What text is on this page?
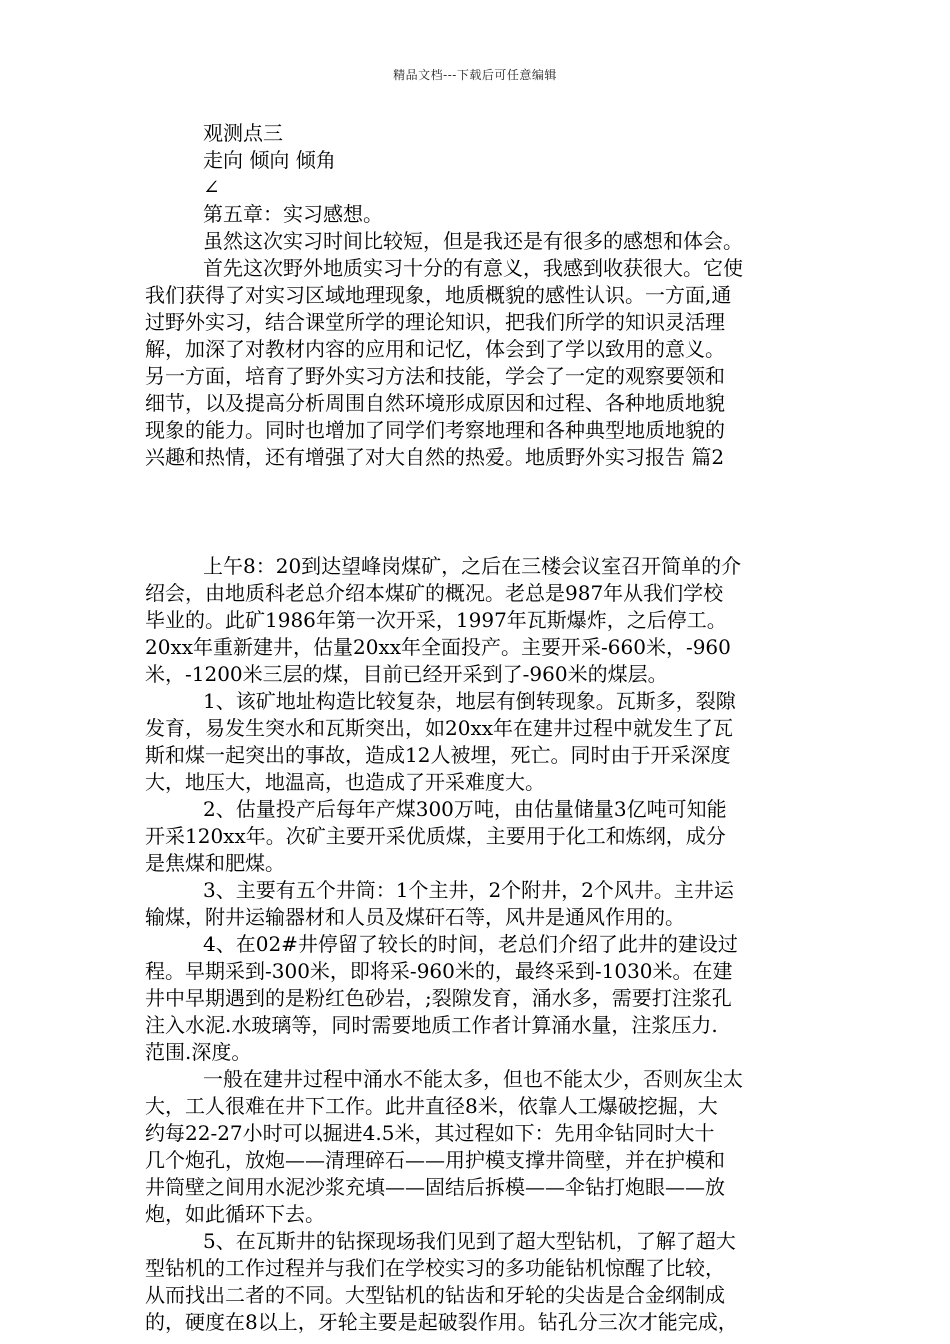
精品文档---下载后可任意编辑
观测点三
走向 倾向 倾角
∠
第五章：实习感想。
虽然这次实习时间比较短，但是我还是有很多的感想和体会。
首先这次野外地质实习十分的有意义，我感到收获很大。它使
我们获得了对实习区域地理现象，地质概貌的感性认识。一方面,通
过野外实习，结合课堂所学的理论知识，把我们所学的知识灵活理
解，加深了对教材内容的应用和记忆，体会到了学以致用的意义。
另一方面，培育了野外实习方法和技能，学会了一定的观察要领和
细节，以及提高分析周围自然环境形成原因和过程、各种地质地貌
现象的能力。同时也增加了同学们考察地理和各种典型地质地貌的
兴趣和热情，还有增强了对大自然的热爱。地质野外实习报告 篇2
上午8：20到达望峰岗煤矿，之后在三楼会议室召开简单的介
绍会，由地质科老总介绍本煤矿的概况。老总是987年从我们学校
毕业的。此矿1986年第一次开采，1997年瓦斯爆炸，之后停工。
20xx年重新建井，估量20xx年全面投产。主要开采-660米，-960
米，-1200米三层的煤，目前已经开采到了-960米的煤层。
1、该矿地址构造比较复杂，地层有倒转现象。瓦斯多，裂隙
发育，易发生突水和瓦斯突出，如20xx年在建井过程中就发生了瓦
斯和煤一起突出的事故，造成12人被埋，死亡。同时由于开采深度
大，地压大，地温高，也造成了开采难度大。
2、估量投产后每年产煤300万吨，由估量储量3亿吨可知能
开采120xx年。次矿主要开采优质煤，主要用于化工和炼纲，成分
是焦煤和肥煤。
3、主要有五个井筒：1个主井，2个附井，2个风井。主井运
输煤，附井运输器材和人员及煤矸石等，风井是通风作用的。
4、在02#井停留了较长的时间，老总们介绍了此井的建设过
程。早期采到-300米，即将采-960米的，最终采到-1030米。在建
井中早期遇到的是粉红色砂岩，;裂隙发育，涌水多，需要打注浆孔
注入水泥.水玻璃等，同时需要地质工作者计算涌水量，注浆压力.
范围.深度。
一般在建井过程中涌水不能太多，但也不能太少，否则灰尘太
大，工人很难在井下工作。此井直径8米，依靠人工爆破挖掘，大
约每22-27小时可以掘进4.5米，其过程如下：先用伞钻同时大十
几个炮孔，放炮——清理碎石——用护模支撑井筒壁，并在护模和
井筒壁之间用水泥沙浆充填——固结后拆模——伞钻打炮眼——放
炮，如此循环下去。
5、在瓦斯井的钻探现场我们见到了超大型钻机，了解了超大
型钻机的工作过程并与我们在学校实习的多功能钻机惊醒了比较，
从而找出二者的不同。大型钻机的钻齿和牙轮的尖齿是合金纲制成
的，硬度在8以上，牙轮主要是起破裂作用。钻孔分三次才能完成，
